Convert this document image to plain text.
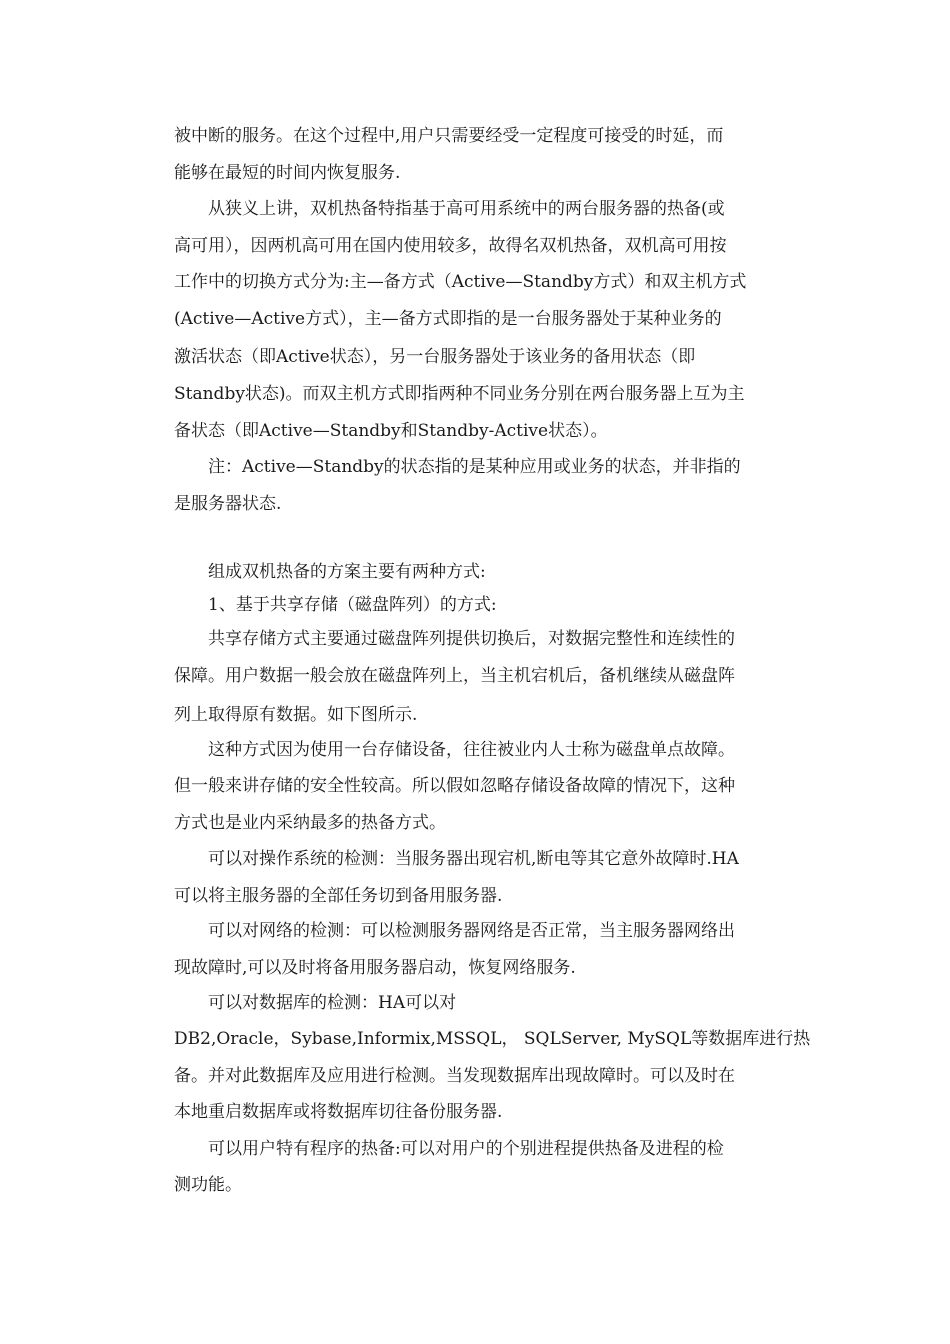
被中断的服务。在这个过程中,用户只需要经受一定程度可接受的时延，而
能够在最短的时间内恢复服务.
从狭义上讲，双机热备特指基于高可用系统中的两台服务器的热备(或
高可用），因两机高可用在国内使用较多，故得名双机热备，双机高可用按
工作中的切换方式分为:主—备方式（Active—Standby方式）和双主机方式
(Active—Active方式），主—备方式即指的是一台服务器处于某种业务的
激活状态（即Active状态），另一台服务器处于该业务的备用状态（即
Standby状态)。而双主机方式即指两种不同业务分别在两台服务器上互为主
备状态（即Active—Standby和Standby-Active状态）。
注：Active—Standby的状态指的是某种应用或业务的状态，并非指的
是服务器状态.
组成双机热备的方案主要有两种方式:
1、基于共享存储（磁盘阵列）的方式:
共享存储方式主要通过磁盘阵列提供切换后，对数据完整性和连续性的
保障。用户数据一般会放在磁盘阵列上，当主机宕机后，备机继续从磁盘阵
列上取得原有数据。如下图所示.
这种方式因为使用一台存储设备，往往被业内人士称为磁盘单点故障。
但一般来讲存储的安全性较高。所以假如忽略存储设备故障的情况下，这种
方式也是业内采纳最多的热备方式。
可以对操作系统的检测：当服务器出现宕机,断电等其它意外故障时.HA
可以将主服务器的全部任务切到备用服务器.
可以对网络的检测：可以检测服务器网络是否正常，当主服务器网络出
现故障时,可以及时将备用服务器启动，恢复网络服务.
可以对数据库的检测：HA可以对
DB2,Oracle，Sybase,Informix,MSSQL， SQLServer, MySQL等数据库进行热
备。并对此数据库及应用进行检测。当发现数据库出现故障时。可以及时在
本地重启数据库或将数据库切往备份服务器.
可以用户特有程序的热备:可以对用户的个别进程提供热备及进程的检
测功能。
